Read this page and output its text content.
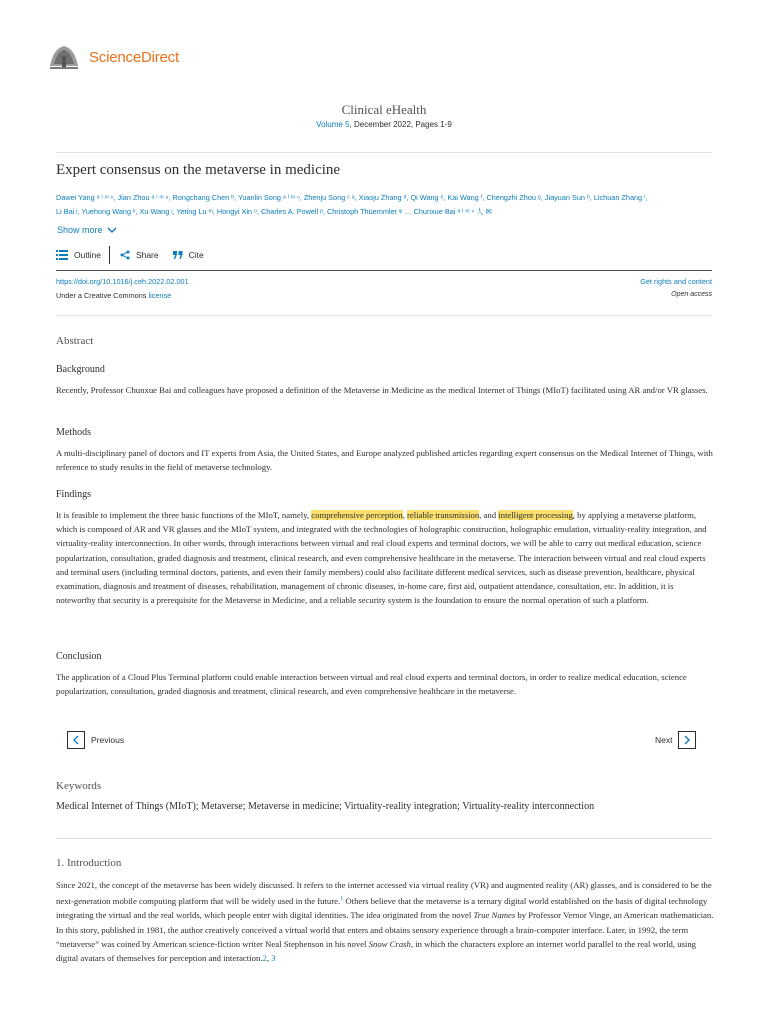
ScienceDirect
Clinical eHealth
Volume 5, December 2022, Pages 1-9
Expert consensus on the metaverse in medicine
Dawei Yang ᵃ ˡ ᵐ ⁿ, Jian Zhou ᵃ ˡ ᵐ ⁿ, Rongchang Chen ᵇ, Yuanlin Song ᵃ ˡ ᵐ ⁿ, Zhenju Song ᶜ ᵃ, Xiaoju Zhang ᵈ, Qi Wang ᵉ, Kai Wang ᶠ, Chengzhi Zhou ᵍ, Jiayuan Sun ʰ, Lichuan Zhang ⁱ,
Li Bai ʲ, Yuehong Wang ᵏ, Xu Wang ʲ, Yeting Lu ᵐ, Hongyi Xin ᵒ, Charles A. Powell ᵖ, Christoph Thüemmler ᵠ … Chunxue Bai ᵃ ˡ ᵐ ⁿ 人 ✉
Show more
Outline	Share	Cite
https://doi.org/10.1016/j.ceh.2022.02.001
Under a Creative Commons license
Get rights and content
Open access
Abstract
Background
Recently, Professor Chunxue Bai and colleagues have proposed a definition of the Metaverse in Medicine as the medical Internet of Things (MIoT) facilitated using AR and/or VR glasses.
Methods
A multi-disciplinary panel of doctors and IT experts from Asia, the United States, and Europe analyzed published articles regarding expert consensus on the Medical Internet of Things, with reference to study results in the field of metaverse technology.
Findings
It is feasible to implement the three basic functions of the MIoT, namely, comprehensive perception, reliable transmission, and intelligent processing, by applying a metaverse platform, which is composed of AR and VR glasses and the MIoT system, and integrated with the technologies of holographic construction, holographic emulation, virtuality-reality integration, and virtuality-reality interconnection. In other words, through interactions between virtual and real cloud experts and terminal doctors, we will be able to carry out medical education, science popularization, consultation, graded diagnosis and treatment, clinical research, and even comprehensive healthcare in the metaverse. The interaction between virtual and real cloud experts and terminal users (including terminal doctors, patients, and even their family members) could also facilitate different medical services, such as disease prevention, healthcare, physical examination, diagnosis and treatment of diseases, rehabilitation, management of chronic diseases, in-home care, first aid, outpatient attendance, consultation, etc. In addition, it is noteworthy that security is a prerequisite for the Metaverse in Medicine, and a reliable security system is the foundation to ensure the normal operation of such a platform.
Conclusion
The application of a Cloud Plus Terminal platform could enable interaction between virtual and real cloud experts and terminal doctors, in order to realize medical education, science popularization, consultation, graded diagnosis and treatment, clinical research, and even comprehensive healthcare in the metaverse.
Previous	Next
Keywords
Medical Internet of Things (MIoT); Metaverse; Metaverse in medicine; Virtuality-reality integration; Virtuality-reality interconnection
1. Introduction
Since 2021, the concept of the metaverse has been widely discussed. It refers to the internet accessed via virtual reality (VR) and augmented reality (AR) glasses, and is considered to be the next-generation mobile computing platform that will be widely used in the future.$^1$ Others believe that the metaverse is a ternary digital world established on the basis of digital technology integrating the virtual and the real worlds, which people enter with digital identities. The idea originated from the novel True Names by Professor Vernor Vinge, an American mathematician. In this story, published in 1981, the author creatively conceived a virtual world that enters and obtains sensory experience through a brain-computer interface. Later, in 1992, the term “metaverse” was coined by American science-fiction writer Neal Stephenson in his novel Snow Crash, in which the characters explore an internet world parallel to the real world, using digital avatars of themselves for perception and interaction.2, 3
